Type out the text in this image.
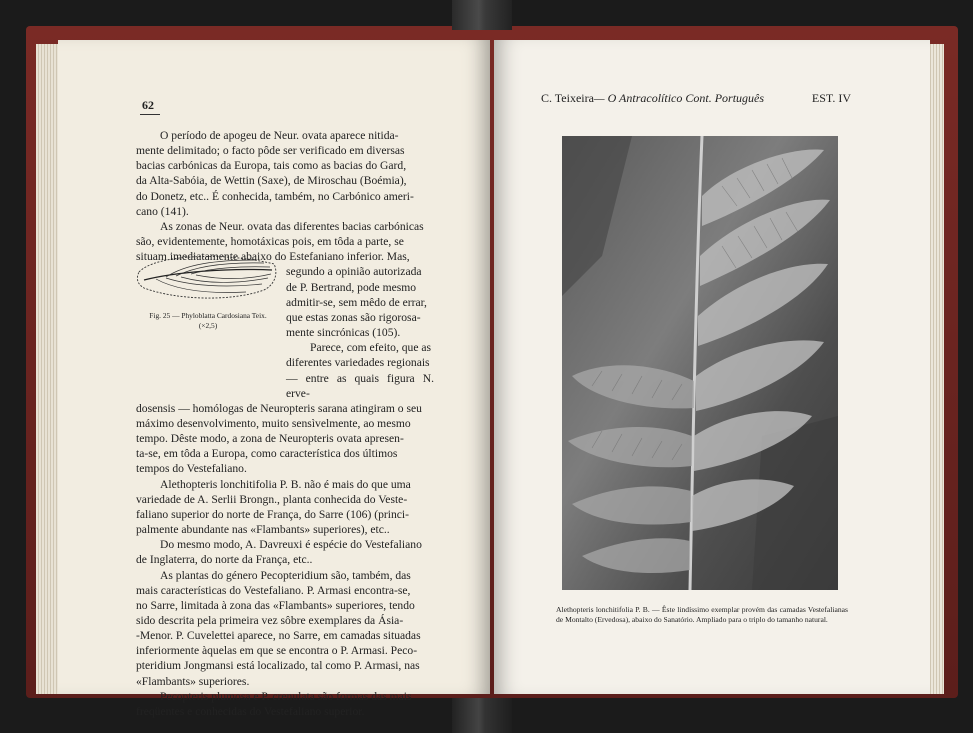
62
O período de apogeu de Neur. ovata aparece nitida-
mente delimitado; o facto pôde ser verificado em diversas
bacias carbónicas da Europa, tais como as bacias do Gard,
da Alta-Sabóia, de Wettin (Saxe), de Miroschau (Boémia),
do Donetz, etc.. É conhecida, também, no Carbónico ameri-
cano (141).
As zonas de Neur. ovata das diferentes bacias carbónicas
são, evidentemente, homotáxicas pois, em tôda a parte, se
situam imediatamente abaixo do Estefaniano inferior. Mas,
segundo a opinião autorizada
de P. Bertrand, pode mesmo
admitir-se, sem mêdo de errar,
que estas zonas são rigorosa-
mente sincrónicas (105).
Parece, com efeito, que as
diferentes variedades regionais
— entre as quais figura N. erve-
dosensis — homólogas de Neuropteris sarana atingiram o seu
máximo desenvolvimento, muito sensìvelmente, ao mesmo
tempo. Dêste modo, a zona de Neuropteris ovata apresen-
ta-se, em tôda a Europa, como característica dos últimos
tempos do Vestefaliano.
Alethopteris lonchitifolia P. B. não é mais do que uma
variedade de A. Serlii Brongn., planta conhecida do Veste-
faliano superior do norte de França, do Sarre (106) (princi-
palmente abundante nas «Flambants» superiores), etc..
Do mesmo modo, A. Davreuxi é espécie do Vestefaliano
de Inglaterra, do norte da França, etc..
As plantas do género Pecopteridium são, também, das
mais características do Vestefaliano. P. Armasi encontra-se,
no Sarre, limitada à zona das «Flambants» superiores, tendo
sido descrita pela primeira vez sôbre exemplares da Ásia-
-Menor. P. Cuvelettei aparece, no Sarre, em camadas situadas
inferiormente àquelas em que se encontra o P. Armasi. Peco-
pteridium Jongmansi está localizado, tal como P. Armasi, nas
«Flambants» superiores.
Pecopteris plumosa e P. crenulata são formas das mais
freqüentes e conhecidas do Vestefaliano superior.
Fig. 25 — Phyloblatta Cardosiana Teix.
(×2,5)
C. Teixeira— O Antracolítico Cont. Português	EST. IV
Alethopteris lonchitifolia P. B. — Êste lindíssimo exemplar provém das camadas Vestefalianas de Montalto (Ervedosa), abaixo do Sanatório. Ampliado para o triplo do tamanho natural.
